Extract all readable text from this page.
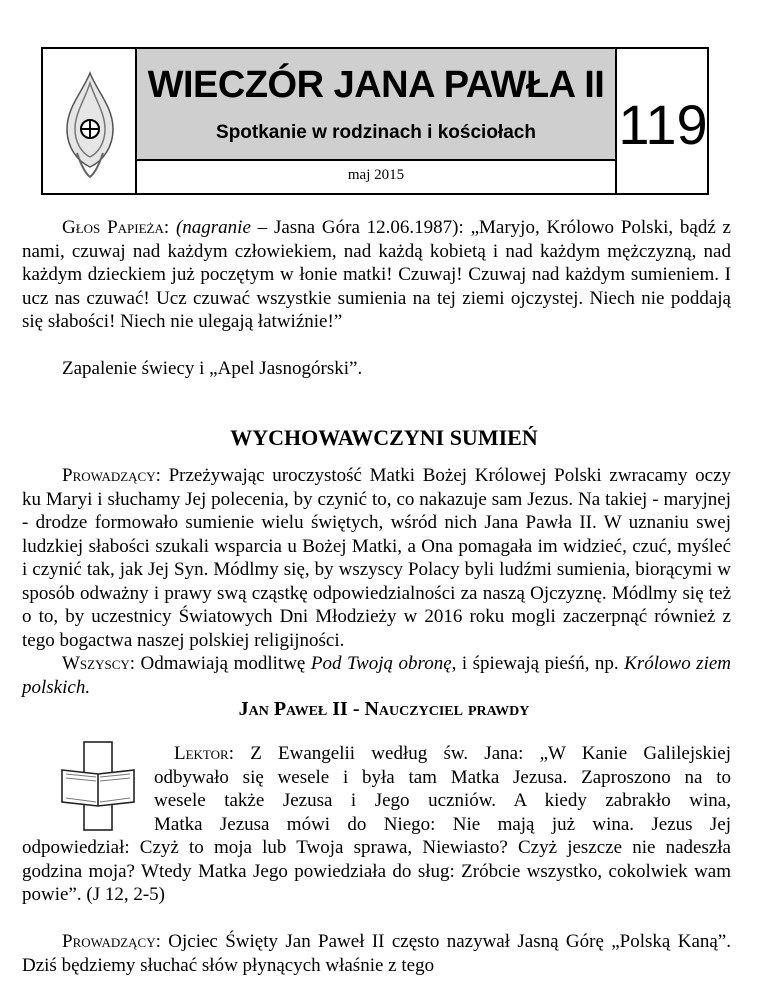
WIECZÓR JANA PAWŁA II
Spotkanie w rodzinach i kościołach
maj 2015
119

Głos Papieża: (nagranie – Jasna Góra 12.06.1987): „Maryjo, Królowo Polski, bądź z nami, czuwaj nad każdym człowiekiem, nad każdą kobietą i nad każdym mężczyzną, nad każdym dzieckiem już poczętym w łonie matki! Czuwaj! Czuwaj nad każdym sumieniem. I ucz nas czuwać! Ucz czuwać wszystkie sumienia na tej ziemi ojczystej. Niech nie poddają się słabości! Niech nie ulegają łatwiźnie!”

Zapalenie świecy i „Apel Jasnogórski”.

WYCHOWAWCZYNI SUMIEŃ

Prowadzący: Przeżywając uroczystość Matki Bożej Królowej Polski zwracamy oczy ku Maryi i słuchamy Jej polecenia, by czynić to, co nakazuje sam Jezus. Na takiej - maryjnej - drodze formowało sumienie wielu świętych, wśród nich Jana Pawła II. W uznaniu swej ludzkiej słabości szukali wsparcia u Bożej Matki, a Ona pomagała im widzieć, czuć, myśleć i czynić tak, jak Jej Syn. Módlmy się, by wszyscy Polacy byli ludźmi sumienia, biorącymi w sposób odważny i prawy swą cząstkę odpowiedzialności za naszą Ojczyznę. Módlmy się też o to, by uczestnicy Światowych Dni Młodzieży w 2016 roku mogli zaczerpnąć również z tego bogactwa naszej polskiej religijności.

Wszyscy: Odmawiają modlitwę Pod Twoją obronę, i śpiewają pieśń, np. Królowo ziem polskich.

Jan Paweł II - Nauczyciel prawdy
Lektor: Z Ewangelii według św. Jana: „W Kanie Galilejskiej
odbywało się wesele i była tam Matka Jezusa. Zaproszono na to
wesele także Jezusa i Jego uczniów. A kiedy zabrakło wina,
Matka Jezusa mówi do Niego: Nie mają już wina. Jezus Jej
odpowiedział: Czyż to moja lub Twoja sprawa, Niewiasto? Czyż jeszcze nie nadeszła godzina moja? Wtedy Matka Jego powiedziała do sług: Zróbcie wszystko, cokolwiek wam powie”. (J 12, 2-5)

Prowadzący: Ojciec Święty Jan Paweł II często nazywał Jasną Górę „Polską Kaną”. Dziś będziemy słuchać słów płynących właśnie z tego
